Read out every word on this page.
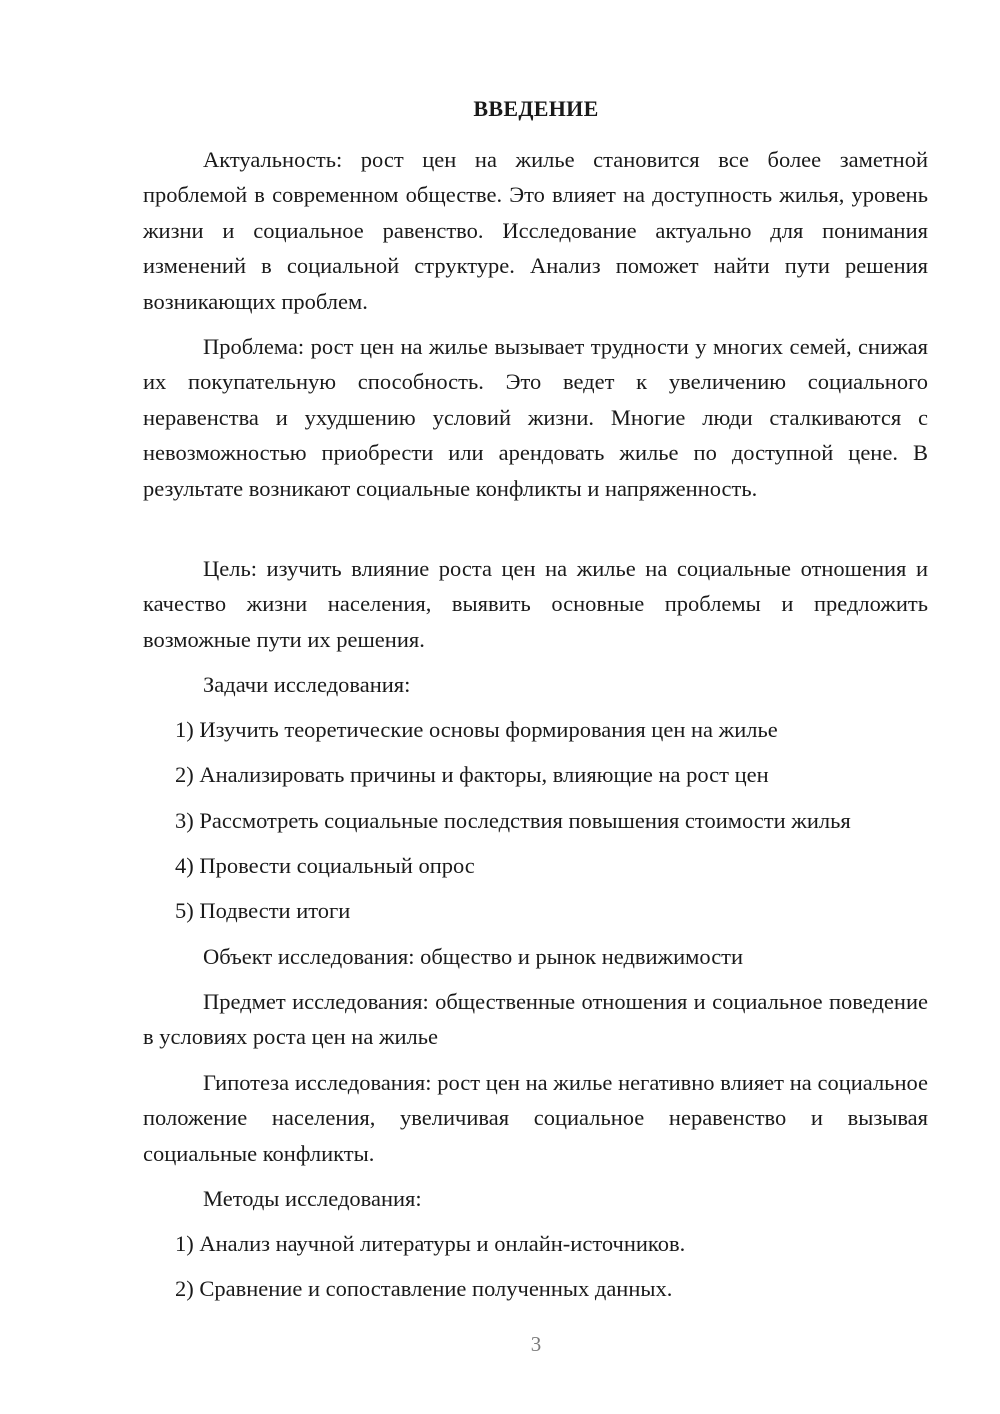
ВВЕДЕНИЕ

Актуальность: рост цен на жилье становится все более заметной проблемой в современном обществе. Это влияет на доступность жилья, уровень жизни и социальное равенство. Исследование актуально для понимания изменений в социальной структуре. Анализ поможет найти пути решения возникающих проблем.

Проблема: рост цен на жилье вызывает трудности у многих семей, снижая их покупательную способность. Это ведет к увеличению социального неравенства и ухудшению условий жизни. Многие люди сталкиваются с невозможностью приобрести или арендовать жилье по доступной цене. В результате возникают социальные конфликты и напряженность.

Цель: изучить влияние роста цен на жилье на социальные отношения и качество жизни населения, выявить основные проблемы и предложить возможные пути их решения.

Задачи исследования:
1) Изучить теоретические основы формирования цен на жилье
2) Анализировать причины и факторы, влияющие на рост цен
3) Рассмотреть социальные последствия повышения стоимости жилья
4) Провести социальный опрос
5) Подвести итоги
Объект исследования: общество и рынок недвижимости

Предмет исследования: общественные отношения и социальное поведение в условиях роста цен на жилье

Гипотеза исследования: рост цен на жилье негативно влияет на социальное положение населения, увеличивая социальное неравенство и вызывая социальные конфликты.

Методы исследования:
1) Анализ научной литературы и онлайн-источников.
2) Сравнение и сопоставление полученных данных.
3
